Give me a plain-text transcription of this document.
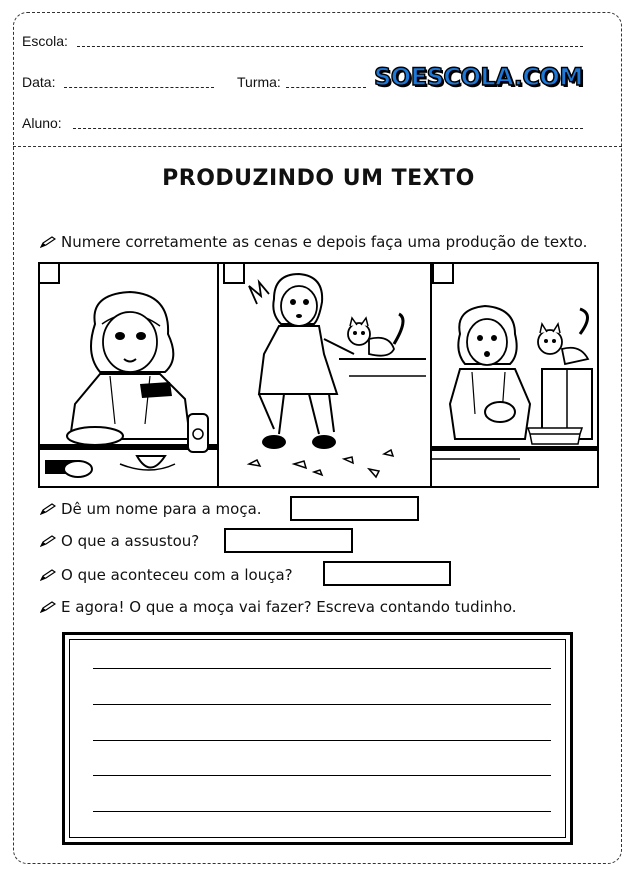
Escola:
Data:	Turma:	SOESCOLA.COM
Aluno:
PRODUZINDO UM TEXTO
Numere corretamente as cenas e depois faça uma produção de texto.
Dê um nome para a moça.
O que a assustou?
O que aconteceu com a louça?
E agora! O que a moça vai fazer? Escreva contando tudinho.
